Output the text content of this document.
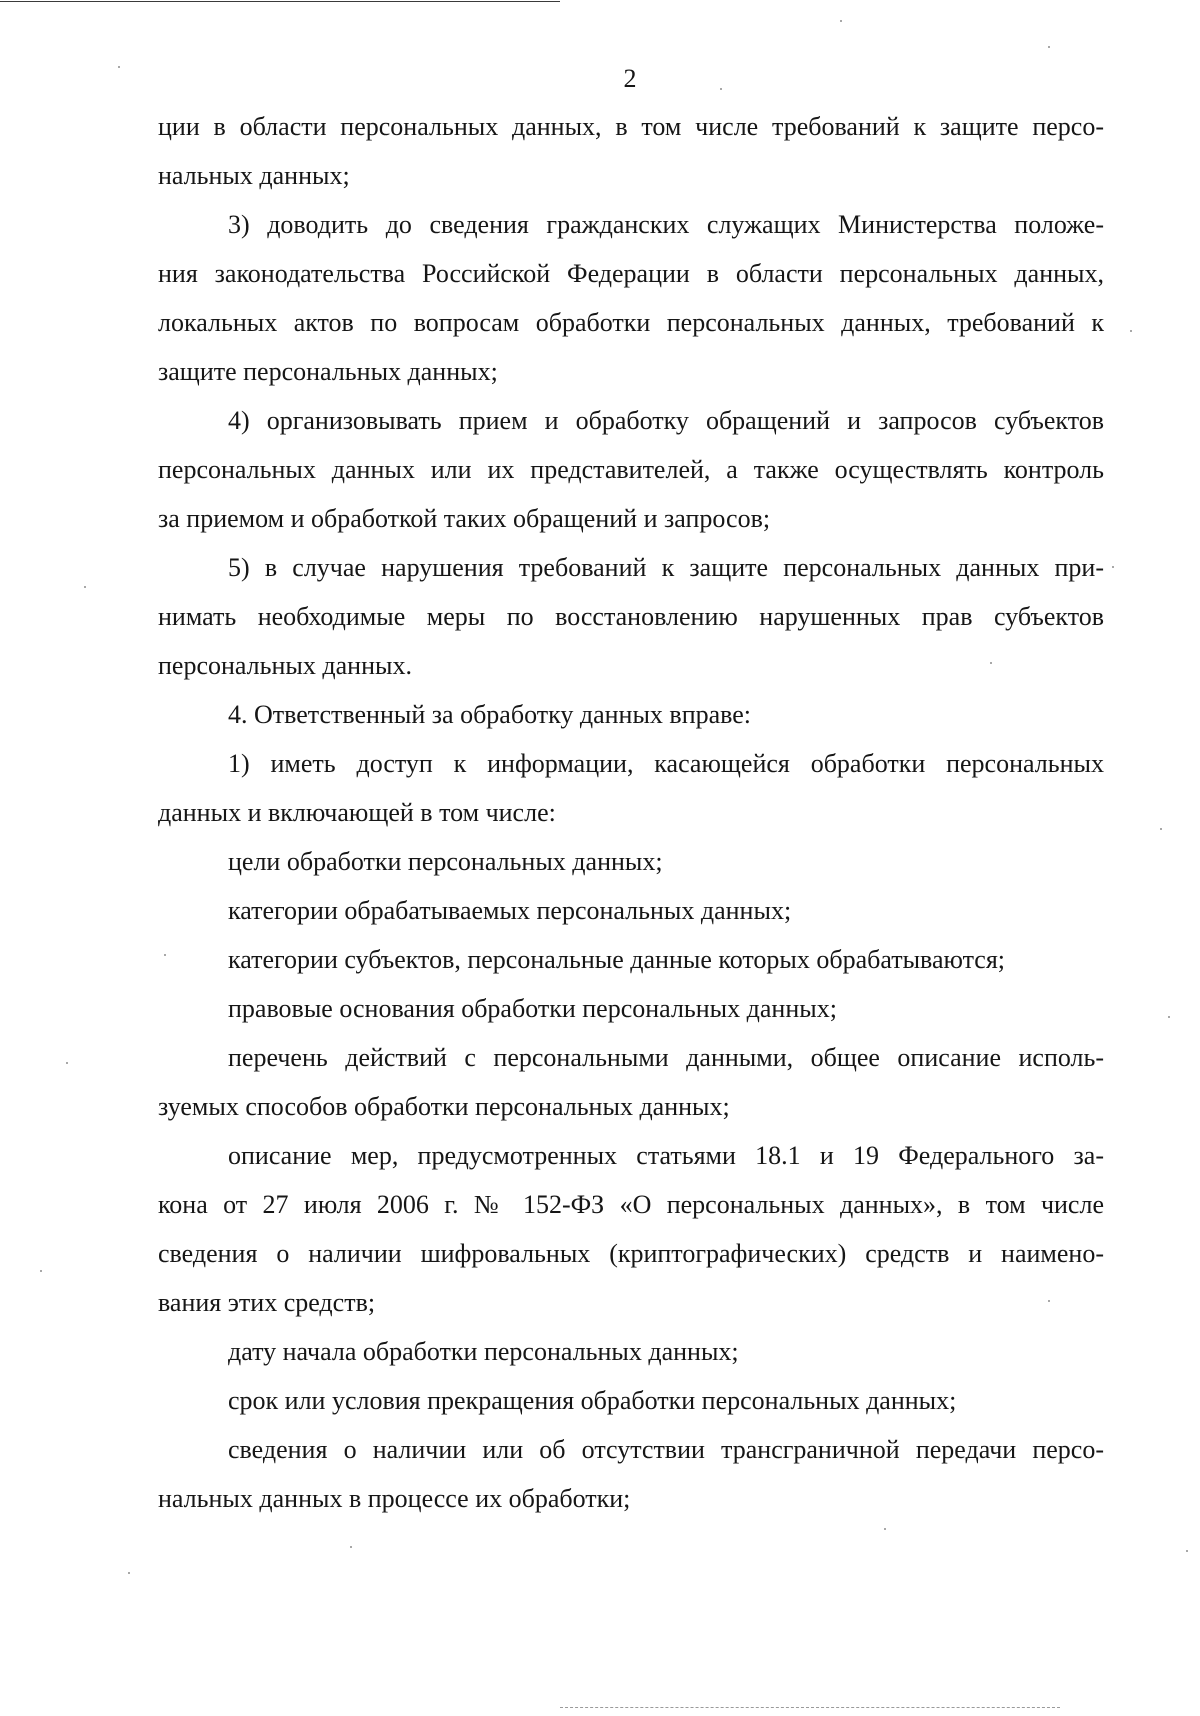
2
ции в области персональных данных, в том числе требований к защите персо-
нальных данных;
3) доводить до сведения гражданских служащих Министерства положе-
ния законодательства Российской Федерации в области персональных данных,
локальных актов по вопросам обработки персональных данных, требований к
защите персональных данных;
4) организовывать прием и обработку обращений и запросов субъектов
персональных данных или их представителей, а также осуществлять контроль
за приемом и обработкой таких обращений и запросов;
5) в случае нарушения требований к защите персональных данных при-
нимать необходимые меры по восстановлению нарушенных прав субъектов
персональных данных.
4. Ответственный за обработку данных вправе:
1) иметь доступ к информации, касающейся обработки персональных
данных и включающей в том числе:
цели обработки персональных данных;
категории обрабатываемых персональных данных;
категории субъектов, персональные данные которых обрабатываются;
правовые основания обработки персональных данных;
перечень действий с персональными данными, общее описание исполь-
зуемых способов обработки персональных данных;
описание мер, предусмотренных статьями 18.1 и 19 Федерального за-
кона от 27 июля 2006 г. № 152-ФЗ «О персональных данных», в том числе
сведения о наличии шифровальных (криптографических) средств и наимено-
вания этих средств;
дату начала обработки персональных данных;
срок или условия прекращения обработки персональных данных;
сведения о наличии или об отсутствии трансграничной передачи персо-
нальных данных в процессе их обработки;
